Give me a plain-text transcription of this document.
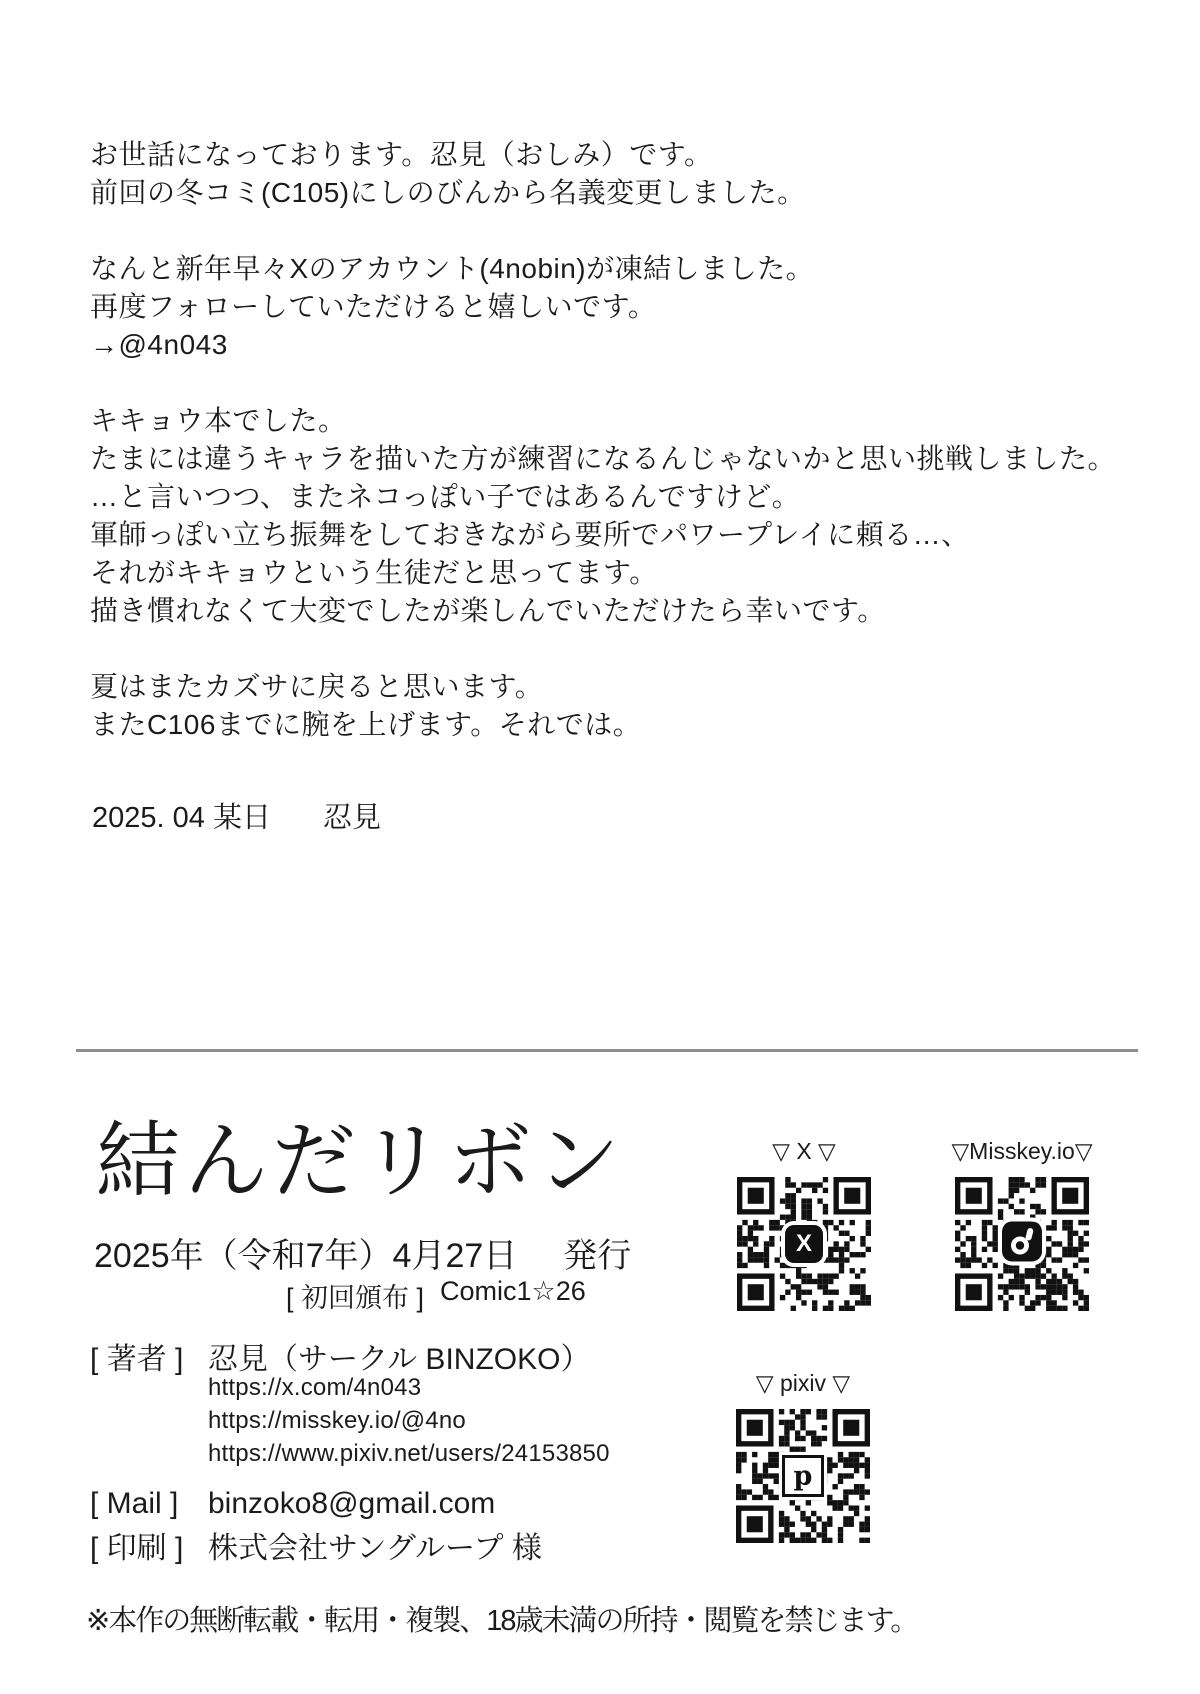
お世話になっております。忍見（おしみ）です。
前回の冬コミ(C105)にしのびんから名義変更しました。

なんと新年早々Xのアカウント(4nobin)が凍結しました。
再度フォローしていただけると嬉しいです。
→@4n043

キキョウ本でした。
たまには違うキャラを描いた方が練習になるんじゃないかと思い挑戦しました。
…と言いつつ、またネコっぽい子ではあるんですけど。
軍師っぽい立ち振舞をしておきながら要所でパワープレイに頼る…、
それがキキョウという生徒だと思ってます。
描き慣れなくて大変でしたが楽しんでいただけたら幸いです。

夏はまたカズサに戻ると思います。
またC106までに腕を上げます。それでは。

2025. 04 某日 忍見
結んだリボン
2025年（令和7年）4月27日 発行
[ 初回頒布 ] Comic1☆26
[ 著者 ] 忍見（サークル BINZOKO）
https://x.com/4n043
https://misskey.io/@4no
https://www.pixiv.net/users/24153850
[ Mail ] binzoko8@gmail.com
[ 印刷 ] 株式会社サングループ 様
※本作の無断転載・転用・複製、18歳未満の所持・閲覧を禁じます。
▽ X ▽
X
▽Misskey.io▽
▽ pixiv ▽
p
